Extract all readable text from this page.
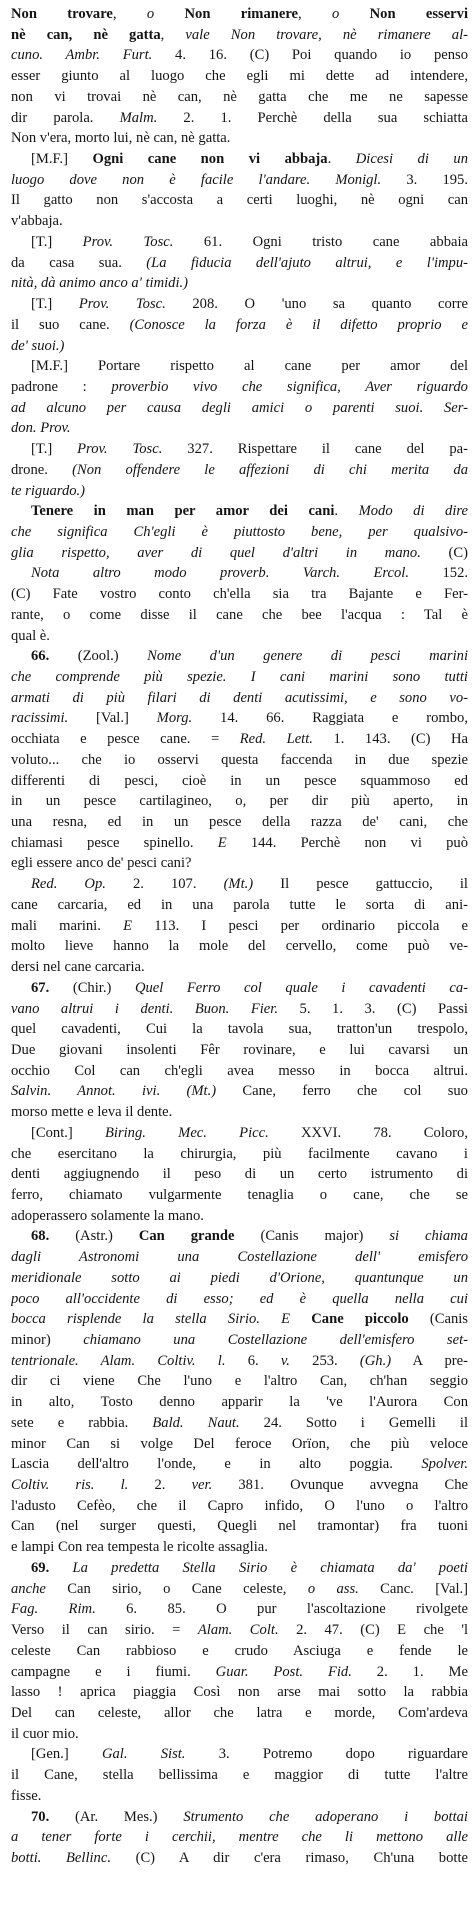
Non trovare, o Non rimanere, o Non esservi
nè can, nè gatta, vale Non trovare, nè rimanere al-
cuno. Ambr. Furt. 4. 16. (C) Poi quando io penso
esser giunto al luogo che egli mi dette ad intendere,
non vi trovai nè can, nè gatta che me ne sapesse
dir parola. Malm. 2. 1. Perchè della sua schiatta
Non v'era, morto lui, nè can, nè gatta.
[M.F.] Ogni cane non vi abbaja. Dicesi di un
luogo dove non è facile l'andare. Monigl. 3. 195.
Il gatto non s'accosta a certi luoghi, nè ogni can
v'abbaja.
[T.] Prov. Tosc. 61. Ogni tristo cane abbaia
da casa sua. (La fiducia dell'ajuto altrui, e l'impu-
nità, dà animo anco a' timidi.)
[T.] Prov. Tosc. 208. O 'uno sa quanto corre
il suo cane. (Conosce la forza è il difetto proprio e
de' suoi.)
[M.F.] Portare rispetto al cane per amor del
padrone : proverbio vivo che significa, Aver riguardo
ad alcuno per causa degli amici o parenti suoi. Ser-
don. Prov.
[T.] Prov. Tosc. 327. Rispettare il cane del pa-
drone. (Non offendere le affezioni di chi merita da
te riguardo.)
Tenere in man per amor dei cani. Modo di dire
che significa Ch'egli è piuttosto bene, per qualsivo-
glia rispetto, aver di quel d'altri in mano. (C)
Nota altro modo proverb. Varch. Ercol. 152.
(C) Fate vostro conto ch'ella sia tra Bajante e Fer-
rante, o come disse il cane che bee l'acqua : Tal è
qual è.
66. (Zool.) Nome d'un genere di pesci marini
che comprende più spezie. I cani marini sono tutti
armati di più filari di denti acutissimi, e sono vo-
racissimi. [Val.] Morg. 14. 66. Raggiata e rombo,
occhiata e pesce cane. = Red. Lett. 1. 143. (C) Ha
voluto... che io osservi questa faccenda in due spezie
differenti di pesci, cioè in un pesce squammoso ed
in un pesce cartilagineo, o, per dir più aperto, in
una resna, ed in un pesce della razza de' cani, che
chiamasi pesce spinello. E 144. Perchè non vi può
egli essere anco de' pesci cani?
Red. Op. 2. 107. (Mt.) Il pesce gattuccio, il
cane carcaria, ed in una parola tutte le sorta di ani-
mali marini. E 113. I pesci per ordinario piccola e
molto lieve hanno la mole del cervello, come può ve-
dersi nel cane carcaria.
67. (Chir.) Quel Ferro col quale i cavadenti ca-
vano altrui i denti. Buon. Fier. 5. 1. 3. (C) Passi
quel cavadenti, Cui la tavola sua, tratton'un trespolo,
Due giovani insolenti Fêr rovinare, e lui cavarsi un
occhio Col can ch'egli avea messo in bocca altrui.
Salvin. Annot. ivi. (Mt.) Cane, ferro che col suo
morso mette e leva il dente.
[Cont.] Biring. Mec. Picc. XXVI. 78. Coloro,
che esercitano la chirurgia, più facilmente cavano i
denti aggiugnendo il peso di un certo istrumento di
ferro, chiamato vulgarmente tenaglia o cane, che se
adoperassero solamente la mano.
68. (Astr.) Can grande (Canis major) si chiama
dagli Astronomi una Costellazione dell' emisfero
meridionale sotto ai piedi d'Orione, quantunque un
poco all'occidente di esso; ed è quella nella cui
bocca risplende la stella Sirio. E Cane piccolo (Canis
minor) chiamano una Costellazione dell'emisfero set-
tentrionale. Alam. Coltiv. l. 6. v. 253. (Gh.) A pre-
dir ci viene Che l'uno e l'altro Can, ch'han seggio
in alto, Tosto denno apparir la 've l'Aurora Con
sete e rabbia. Bald. Naut. 24. Sotto i Gemelli il
minor Can si volge Del feroce Orïon, che più veloce
Lascia dell'altro l'onde, e in alto poggia. Spolver.
Coltiv. ris. l. 2. ver. 381. Ovunque avvegna Che
l'adusto Cefèo, che il Capro infido, O l'uno o l'altro
Can (nel surger questi, Quegli nel tramontar) fra tuoni
e lampi Con rea tempesta le ricolte assaglia.
69. La predetta Stella Sirio è chiamata da' poeti
anche Can sirio, o Cane celeste, o ass. Canc. [Val.]
Fag. Rim. 6. 85. O pur l'ascoltazione rivolgete
Verso il can sirio. = Alam. Colt. 2. 47. (C) E che 'l
celeste Can rabbioso e crudo Asciuga e fende le
campagne e i fiumi. Guar. Post. Fid. 2. 1. Me
lasso ! aprica piaggia Così non arse mai sotto la rabbia
Del can celeste, allor che latra e morde, Com'ardeva
il cuor mio.
[Gen.] Gal. Sist. 3. Potremo dopo riguardare
il Cane, stella bellissima e maggior di tutte l'altre
fisse.
70. (Ar. Mes.) Strumento che adoperano i bottai
a tener forte i cerchii, mentre che li mettono alle
botti. Bellinc. (C) A dir c'era rimaso, Ch'una botte
